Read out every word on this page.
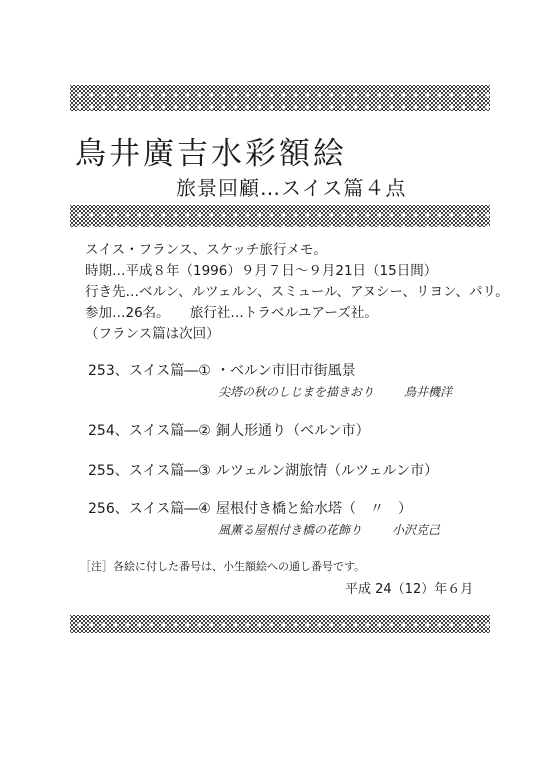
鳥井廣吉水彩額絵
旅景回顧…スイス篇４点
スイス・フランス、スケッチ旅行メモ。
時期…平成８年（1996）９月７日～９月21日（15日間）
行き先…ベルン、ルツェルン、スミュール、アヌシー、リヨン、パリ。
参加…26名。　　旅行社…トラベルユアーズ社。
（フランス篇は次回）
253、スイス篇―① ・ベルン市旧市街風景
尖塔の秋のしじまを描きおり	鳥井機洋
254、スイス篇―② 銅人形通り（ベルン市）
255、スイス篇―③ ルツェルン湖旅情（ルツェルン市）
256、スイス篇―④ 屋根付き橋と給水塔（　〃　）
風薫る屋根付き橋の花飾り	小沢克己
［注］各絵に付した番号は、小生額絵への通し番号です。
平成 24（12）年６月
